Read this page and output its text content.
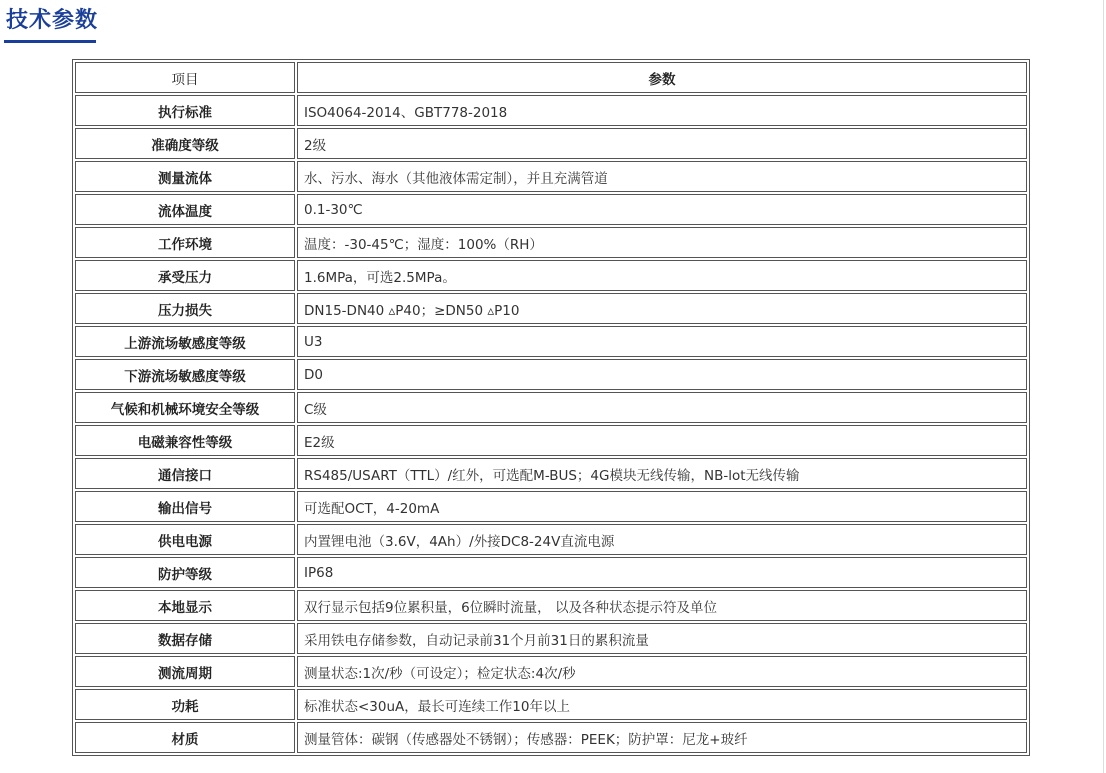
技术参数
项目	参数
执行标准	ISO4064-2014、GBT778-2018
准确度等级	2级
测量流体	水、污水、海水（其他液体需定制），并且充满管道
流体温度	0.1-30℃
工作环境	温度：-30-45℃；湿度：100%（RH）
承受压力	1.6MPa，可选2.5MPa。
压力损失	DN15-DN40 ▵P40；≥DN50 ▵P10
上游流场敏感度等级	U3
下游流场敏感度等级	D0
气候和机械环境安全等级	C级
电磁兼容性等级	E2级
通信接口	RS485/USART（TTL）/红外，可选配M-BUS；4G模块无线传输，NB-lot无线传输
输出信号	可选配OCT，4-20mA
供电电源	内置锂电池（3.6V，4Ah）/外接DC8-24V直流电源
防护等级	IP68
本地显示	双行显示包括9位累积量，6位瞬时流量， 以及各种状态提示符及单位
数据存储	采用铁电存储参数，自动记录前31个月前31日的累积流量
测流周期	测量状态:1次/秒（可设定）；检定状态:4次/秒
功耗	标准状态<30uA，最长可连续工作10年以上
材质	测量管体：碳钢（传感器处不锈钢）；传感器：PEEK；防护罩：尼龙+玻纤
